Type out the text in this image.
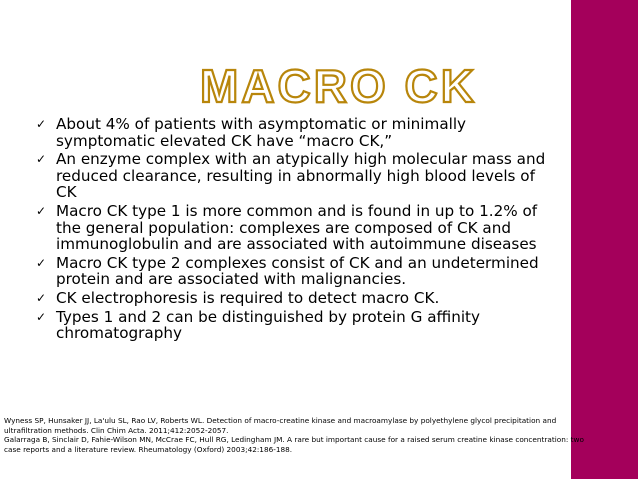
MACRO CK
✓ About 4% of patients with asymptomatic or minimally symptomatic elevated CK have “macro CK,”
✓ An enzyme complex with an atypically high molecular mass and reduced clearance, resulting in abnormally high blood levels of CK
✓ Macro CK type 1 is more common and is found in up to 1.2% of the general population: complexes are composed of CK and immunoglobulin and are associated with autoimmune diseases
✓ Macro CK type 2 complexes consist of CK and an undetermined protein and are associated with malignancies.
✓ CK electrophoresis is required to detect macro CK.
✓ Types 1 and 2 can be distinguished by protein G affinity chromatography

Wyness SP, Hunsaker JJ, La'ulu SL, Rao LV, Roberts WL. Detection of macro-creatine kinase and macroamylase by polyethylene glycol precipitation and ultrafiltration methods. Clin Chim Acta. 2011;412:2052-2057.

Galarraga B, Sinclair D, Fahie-Wilson MN, McCrae FC, Hull RG, Ledingham JM. A rare but important cause for a raised serum creatine kinase concentration: two case reports and a literature review. Rheumatology (Oxford) 2003;42:186-188.
